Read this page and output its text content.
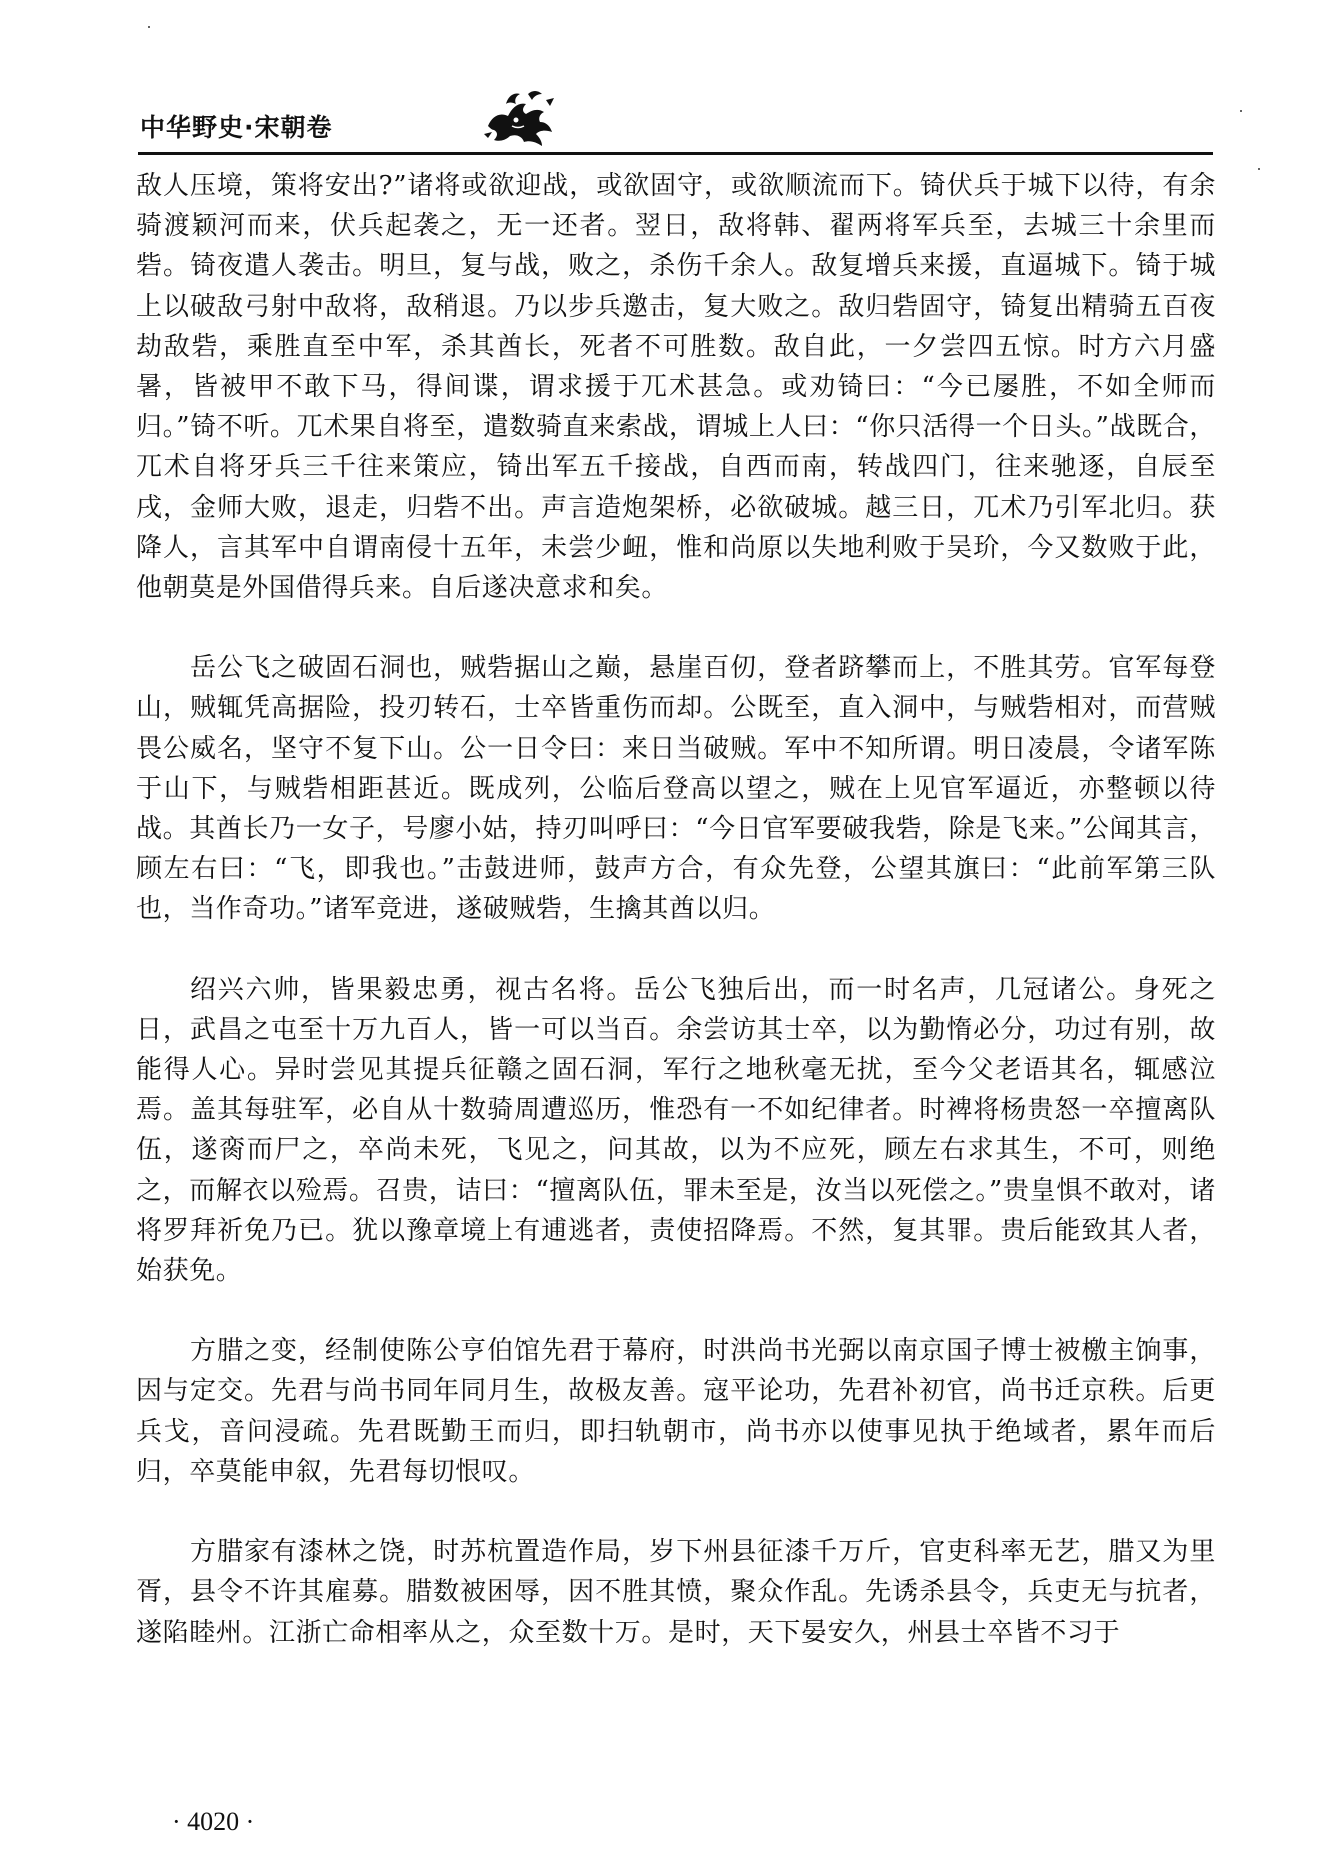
中华野史·宋朝卷

敌人压境，策将安出?”诸将或欲迎战，或欲固守，或欲顺流而下。锜伏兵于城下以待，有余骑渡颖河而来，伏兵起袭之，无一还者。翌日，敌将韩、翟两将军兵至，去城三十余里而砦。锜夜遣人袭击。明旦，复与战，败之，杀伤千余人。敌复增兵来援，直逼城下。锜于城上以破敌弓射中敌将，敌稍退。乃以步兵邀击，复大败之。敌归砦固守，锜复出精骑五百夜劫敌砦，乘胜直至中军，杀其酋长，死者不可胜数。敌自此，一夕尝四五惊。时方六月盛暑，皆被甲不敢下马，得间谍，谓求援于兀术甚急。或劝锜曰：“今已屡胜，不如全师而归。”锜不听。兀术果自将至，遣数骑直来索战，谓城上人曰：“你只活得一个日头。”战既合，兀术自将牙兵三千往来策应，锜出军五千接战，自西而南，转战四门，往来驰逐，自辰至戌，金师大败，退走，归砦不出。声言造炮架桥，必欲破城。越三日，兀术乃引军北归。获降人，言其军中自谓南侵十五年，未尝少衄，惟和尚原以失地利败于吴玠，今又数败于此，他朝莫是外国借得兵来。自后遂决意求和矣。

岳公飞之破固石洞也，贼砦据山之巅，悬崖百仞，登者跻攀而上，不胜其劳。官军每登山，贼辄凭高据险，投刃转石，士卒皆重伤而却。公既至，直入洞中，与贼砦相对，而营贼畏公威名，坚守不复下山。公一日令曰：来日当破贼。军中不知所谓。明日凌晨，令诸军陈于山下，与贼砦相距甚近。既成列，公临后登高以望之，贼在上见官军逼近，亦整顿以待战。其酋长乃一女子，号廖小姑，持刃叫呼曰：“今日官军要破我砦，除是飞来。”公闻其言，顾左右曰：“飞，即我也。”击鼓进师，鼓声方合，有众先登，公望其旗曰：“此前军第三队也，当作奇功。”诸军竞进，遂破贼砦，生擒其酋以归。

绍兴六帅，皆果毅忠勇，视古名将。岳公飞独后出，而一时名声，几冠诸公。身死之日，武昌之屯至十万九百人，皆一可以当百。余尝访其士卒，以为勤惰必分，功过有别，故能得人心。异时尝见其提兵征赣之固石洞，军行之地秋毫无扰，至今父老语其名，辄感泣焉。盖其每驻军，必自从十数骑周遭巡历，惟恐有一不如纪律者。时裨将杨贵怒一卒擅离队伍，遂脔而尸之，卒尚未死，飞见之，问其故，以为不应死，顾左右求其生，不可，则绝之，而解衣以殓焉。召贵，诘曰：“擅离队伍，罪未至是，汝当以死偿之。”贵皇惧不敢对，诸将罗拜祈免乃已。犹以豫章境上有逋逃者，责使招降焉。不然，复其罪。贵后能致其人者，始获免。

方腊之变，经制使陈公亨伯馆先君于幕府，时洪尚书光弼以南京国子博士被檄主饷事，因与定交。先君与尚书同年同月生，故极友善。寇平论功，先君补初官，尚书迁京秩。后更兵戈，音问浸疏。先君既勤王而归，即扫轨朝市，尚书亦以使事见执于绝域者，累年而后归，卒莫能申叙，先君每切恨叹。

方腊家有漆林之饶，时苏杭置造作局，岁下州县征漆千万斤，官吏科率无艺，腊又为里胥，县令不许其雇募。腊数被困辱，因不胜其愤，聚众作乱。先诱杀县令，兵吏无与抗者，遂陷睦州。江浙亡命相率从之，众至数十万。是时，天下晏安久，州县士卒皆不习于

· 4020 ·
